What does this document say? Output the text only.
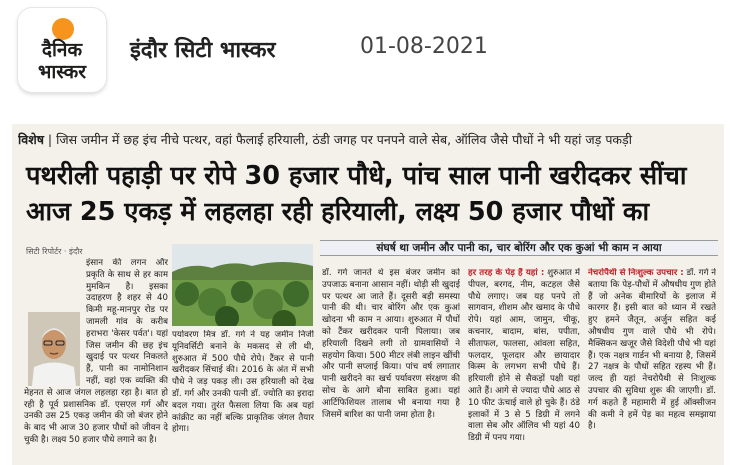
दैनिक
भास्कर
इंदौर सिटी भास्कर	01-08-2021
विशेष | जिस जमीन में छह इंच नीचे पत्थर, वहां फैलाई हरियाली, ठंडी जगह पर पनपने वाले सेब, ऑलिव जैसे पौधों ने भी यहां जड़ पकड़ी
पथरीली पहाड़ी पर रोपे 30 हजार पौधे, पांच साल पानी खरीदकर सींचा
आज 25 एकड़ में लहलहा रही हरियाली, लक्ष्य 50 हजार पौधों का
सिटी रिपोर्टर · इंदौर
इंसान की लगन और प्रकृति के साथ से हर काम मुमकिन है। इसका उदाहरण है शहर से 40 किमी महू-मानपुर रोड पर जामली गांव के करीब हराभरा 'केसर पर्वत'। यहां जिस जमीन की छह इंच खुदाई पर पत्थर निकलते हैं, पानी का नामोनिशान नहीं, वहां एक व्यक्ति की मेहनत से आज जंगल लहलहा रहा है। बात हो रही है पूर्व प्रशासनिक डॉ. एसएल गर्ग और उनकी उस 25 एकड़ जमीन की जो बंजर होने के बाद भी आज 30 हजार पौधों को जीवन दे चुकी है। लक्ष्य 50 हजार पौधे लगाने का है।
पर्यावरण मित्र डॉ. गर्ग ने यह जमीन निजी यूनिवर्सिटी बनाने के मकसद से ली थी, शुरुआत में 500 पौधे रोपे। टैंकर से पानी खरीदकर सिंचाई की। 2016 के अंत में सभी पौधे ने जड़ पकड़ ली। उस हरियाली को देख डॉ. गर्ग और उनकी पत्नी डॉ. ज्योति का इरादा बदल गया। तुरंत फैसला लिया कि अब यहां कांक्रीट का नहीं बल्कि प्राकृतिक जंगल तैयार होगा।
संघर्ष था जमीन और पानी का, चार बोरिंग और एक कुआं भी काम न आया
डॉ. गर्ग जानते थे इस बंजर जमीन को उपजाऊ बनाना आसान नहीं। थोड़ी सी खुदाई पर पत्थर आ जाते हैं। दूसरी बड़ी समस्या पानी की थी। चार बोरिंग और एक कुआं खोदना भी काम न आया। शुरुआत में पौधों को टैंकर खरीदकर पानी पिलाया। जब हरियाली दिखने लगी तो ग्रामवासियों ने सहयोग किया। 500 मीटर लंबी लाइन खींची और पानी सप्लाई किया। पांच वर्ष लगातार पानी खरीदने का खर्च पर्यावरण संरक्षण की सोच के आगे बौना साबित हुआ। यहां आर्टिफिशियल तालाब भी बनाया गया है जिसमें बारिश का पानी जमा होता है।
हर तरह के पेड़ हैं यहां : शुरुआत में पीपल, बरगद, नीम, कटहल जैसे पौधे लगाए। जब यह पनपे तो सागवान, शीशम और खमाद के पौधे रोपे। यहां आम, जामुन, चीकू, कचनार, बादाम, बांस, पपीता, सीताफल, फालसा, आंवला सहित, फलदार, फूलदार और छायादार किस्म के लगभग सभी पौधे हैं। हरियाली होने से सैकड़ों पक्षी यहां आते हैं। आगे से ज्यादा पौधे आठ से 10 फीट ऊंचाई वाले हो चुके हैं। ठंडे इलाकों में 3 से 5 डिग्री में लगने वाला सेब और ऑलिव भी यहां 40 डिग्री में पनप गया।
नेचरोपैथी से निःशुल्क उपचार : डॉ. गर्ग ने बताया कि पेड़-पौधों में औषधीय गुण होते हैं जो अनेक बीमारियों के इलाज में कारगर हैं। इसी बात को ध्यान में रखते हुए हमने जैतून, अर्जुन सहित कई औषधीय गुण वाले पौधे भी रोपे। मैक्सिकन खजूर जैसे विदेशी पौधे भी यहां हैं। एक नक्षत्र गार्डन भी बनाया है, जिसमें 27 नक्षत्र के पौधों सहित रहस्य भी हैं। जल्द ही यहां नेचरोपैथी से निःशुल्क उपचार की सुविधा शुरू की जाएगी। डॉ. गर्ग कहते हैं महामारी में हुई ऑक्सीजन की कमी ने हमें पेड़ का महत्व समझाया है।
